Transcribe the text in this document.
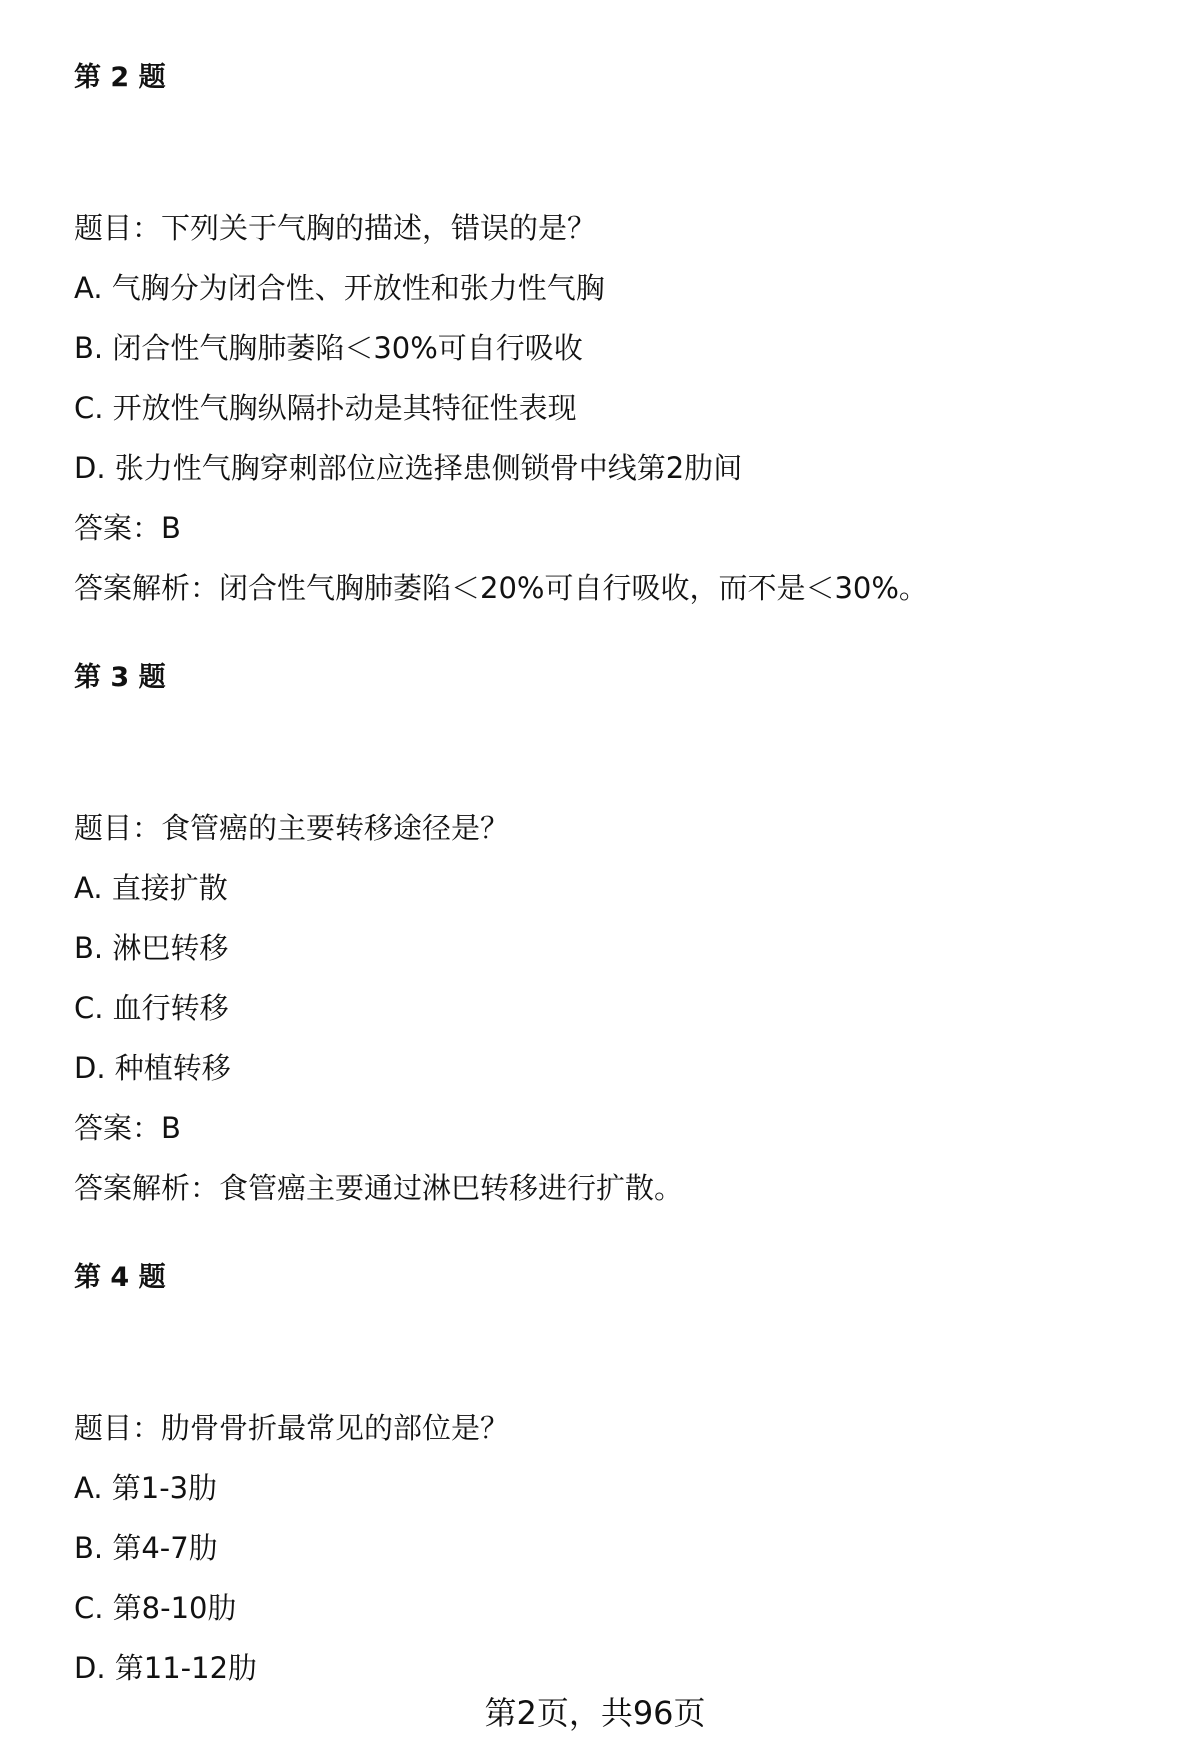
第 2 题
题目：下列关于气胸的描述，错误的是？
A. 气胸分为闭合性、开放性和张力性气胸
B. 闭合性气胸肺萎陷＜30%可自行吸收
C. 开放性气胸纵隔扑动是其特征性表现
D. 张力性气胸穿刺部位应选择患侧锁骨中线第2肋间
答案：B
答案解析：闭合性气胸肺萎陷＜20%可自行吸收，而不是＜30%。
第 3 题
题目：食管癌的主要转移途径是？
A. 直接扩散
B. 淋巴转移
C. 血行转移
D. 种植转移
答案：B
答案解析：食管癌主要通过淋巴转移进行扩散。
第 4 题
题目：肋骨骨折最常见的部位是？
A. 第1-3肋
B. 第4-7肋
C. 第8-10肋
D. 第11-12肋
第2页，共96页
